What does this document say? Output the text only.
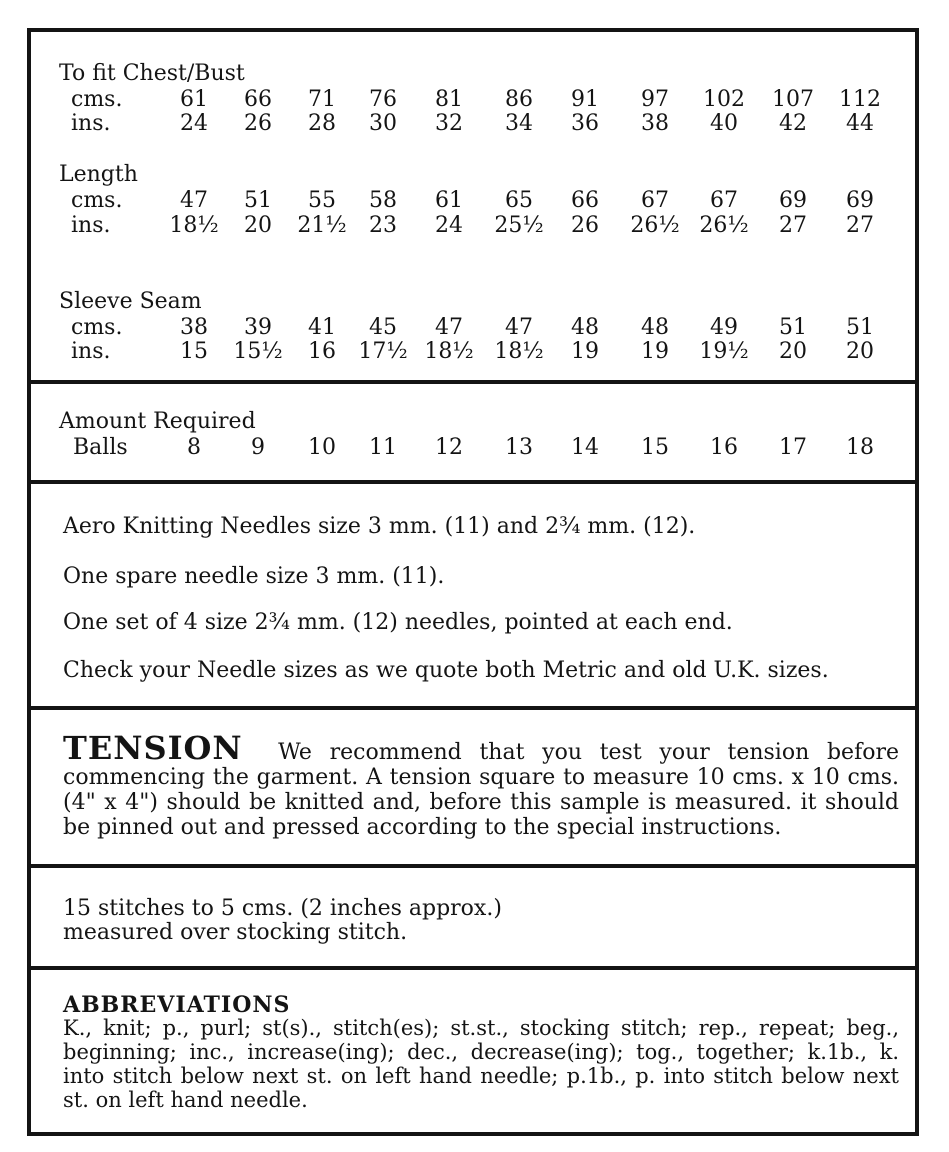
To fit Chest/Bust
cms.	61	66	71	76	81	86	91	97	102	107	112
ins.	24	26	28	30	32	34	36	38	40	42	44
Length
cms.	47	51	55	58	61	65	66	67	67	69	69
ins.	18½	20	21½	23	24	25½	26	26½ 26½	27	27
Sleeve Seam
cms.	38	39	41	45	47	47	48	48	49	51	51
ins.	15	15½	16	17½ 18½ 18½	19	19	19½	20	20
Amount Required
Balls	8	9	10	11	12	13	14	15	16	17	18
Aero Knitting Needles size 3 mm. (11) and 2¾ mm. (12).
One spare needle size 3 mm. (11).
One set of 4 size 2¾ mm. (12) needles, pointed at each end.
Check your Needle sizes as we quote both Metric and old U.K. sizes.
TENSION We recommend that you test your tension before commencing the garment. A tension square to measure 10 cms. x 10 cms. (4" x 4") should be knitted and, before this sample is measured. it should be pinned out and pressed according to the special instructions.
15 stitches to 5 cms. (2 inches approx.)
measured over stocking stitch.
ABBREVIATIONS
K., knit; p., purl; st(s)., stitch(es); st.st., stocking stitch; rep., repeat; beg., beginning; inc., increase(ing); dec., decrease(ing); tog., together; k.1b., k. into stitch below next st. on left hand needle; p.1b., p. into stitch below next st. on left hand needle.
